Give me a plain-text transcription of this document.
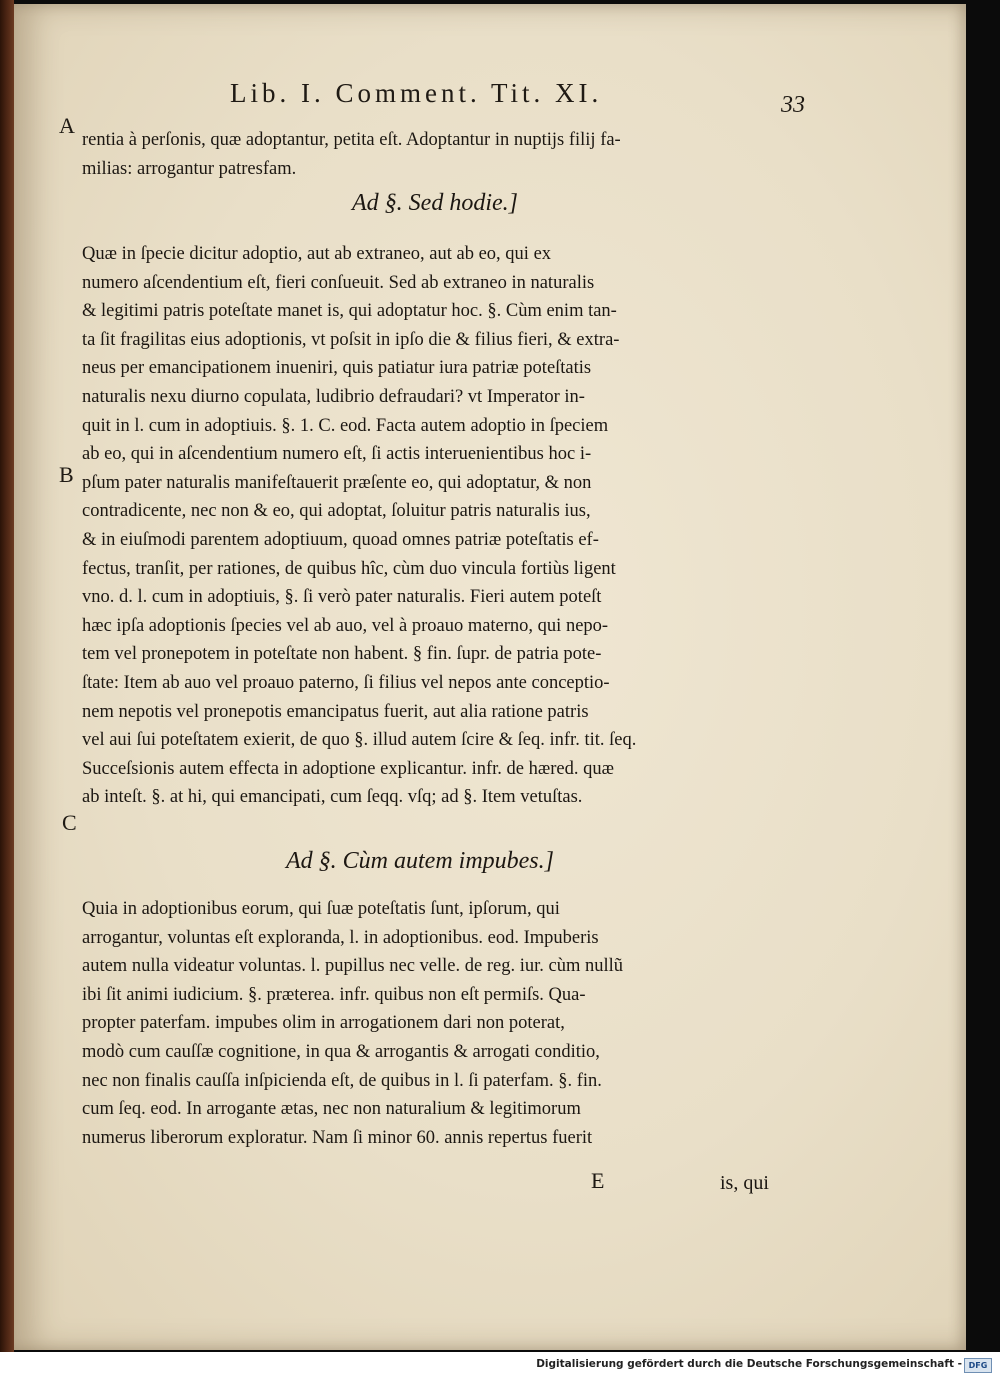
Lib. I. Comment. Tit. XI.	33
A
B
C
rentia à perſonis, quæ adoptantur, petita eſt. Adoptantur in nuptijs filij fa-
milias: arrogantur patresfam.
Ad §. Sed hodie.]
Quæ in ſpecie dicitur adoptio, aut ab extraneo, aut ab eo, qui ex
numero aſcendentium eſt, fieri conſueuit. Sed ab extraneo in naturalis
& legitimi patris poteſtate manet is, qui adoptatur hoc. §. Cùm enim tan-
ta ſit fragilitas eius adoptionis, vt poſsit in ipſo die & filius fieri, & extra-
neus per emancipationem inueniri, quis patiatur iura patriæ poteſtatis
naturalis nexu diurno copulata, ludibrio defraudari? vt Imperator in-
quit in l. cum in adoptiuis. §. 1. C. eod. Facta autem adoptio in ſpeciem
ab eo, qui in aſcendentium numero eſt, ſi actis interuenientibus hoc i-
pſum pater naturalis manifeſtauerit præſente eo, qui adoptatur, & non
contradicente, nec non & eo, qui adoptat, ſoluitur patris naturalis ius,
& in eiuſmodi parentem adoptiuum, quoad omnes patriæ poteſtatis ef-
fectus, tranſit, per rationes, de quibus hîc, cùm duo vincula fortiùs ligent
vno. d. l. cum in adoptiuis, §. ſi verò pater naturalis. Fieri autem poteſt
hæc ipſa adoptionis ſpecies vel ab auo, vel à proauo materno, qui nepo-
tem vel pronepotem in poteſtate non habent. § fin. ſupr. de patria pote-
ſtate: Item ab auo vel proauo paterno, ſi filius vel nepos ante conceptio-
nem nepotis vel pronepotis emancipatus fuerit, aut alia ratione patris
vel aui ſui poteſtatem exierit, de quo §. illud autem ſcire & ſeq. infr. tit. ſeq.
Succeſsionis autem effecta in adoptione explicantur. infr. de hæred. quæ
ab inteſt. §. at hi, qui emancipati, cum ſeqq. vſq; ad §. Item vetuſtas.
Ad §. Cùm autem impubes.]
Quia in adoptionibus eorum, qui ſuæ poteſtatis ſunt, ipſorum, qui
arrogantur, voluntas eſt exploranda, l. in adoptionibus. eod. Impuberis
autem nulla videatur voluntas. l. pupillus nec velle. de reg. iur. cùm nullũ
ibi ſit animi iudicium. §. præterea. infr. quibus non eſt permiſs. Qua-
propter paterfam. impubes olim in arrogationem dari non poterat,
modò cum cauſſæ cognitione, in qua & arrogantis & arrogati conditio,
nec non finalis cauſſa inſpicienda eſt, de quibus in l. ſi paterfam. §. fin.
cum ſeq. eod. In arrogante ætas, nec non naturalium & legitimorum
numerus liberorum exploratur. Nam ſi minor 60. annis repertus fuerit
E	is, qui
Digitalisierung gefördert durch die Deutsche Forschungsgemeinschaft - DFG
